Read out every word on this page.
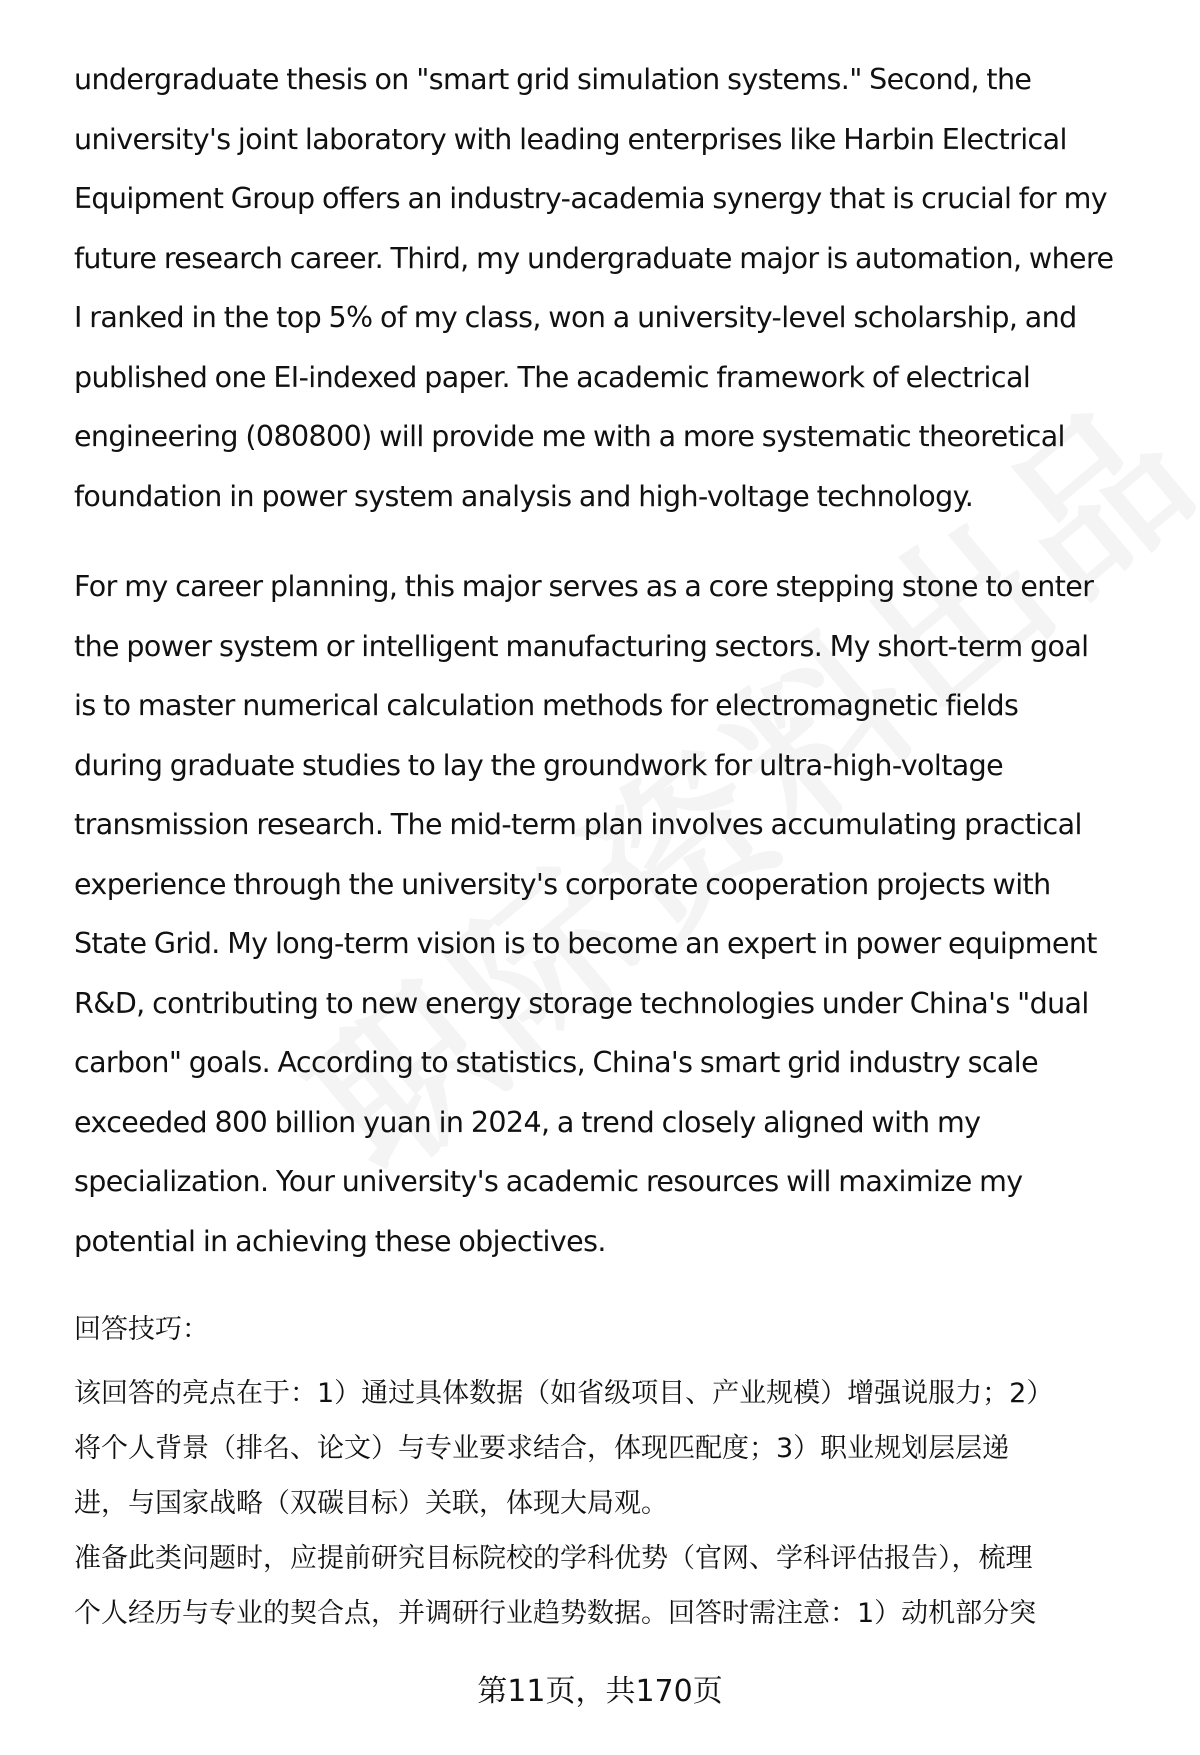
undergraduate thesis on "smart grid simulation systems." Second, the
university's joint laboratory with leading enterprises like Harbin Electrical
Equipment Group offers an industry-academia synergy that is crucial for my
future research career. Third, my undergraduate major is automation, where
I ranked in the top 5% of my class, won a university-level scholarship, and
published one EI-indexed paper. The academic framework of electrical
engineering (080800) will provide me with a more systematic theoretical
foundation in power system analysis and high-voltage technology.
For my career planning, this major serves as a core stepping stone to enter
the power system or intelligent manufacturing sectors. My short-term goal
is to master numerical calculation methods for electromagnetic fields
during graduate studies to lay the groundwork for ultra-high-voltage
transmission research. The mid-term plan involves accumulating practical
experience through the university's corporate cooperation projects with
State Grid. My long-term vision is to become an expert in power equipment
R&D, contributing to new energy storage technologies under China's "dual
carbon" goals. According to statistics, China's smart grid industry scale
exceeded 800 billion yuan in 2024, a trend closely aligned with my
specialization. Your university's academic resources will maximize my
potential in achieving these objectives.
回答技巧：
该回答的亮点在于：1）通过具体数据（如省级项目、产业规模）增强说服力；2）
将个人背景（排名、论文）与专业要求结合，体现匹配度；3）职业规划层层递
进，与国家战略（双碳目标）关联，体现大局观。
准备此类问题时，应提前研究目标院校的学科优势（官网、学科评估报告），梳理
个人经历与专业的契合点，并调研行业趋势数据。回答时需注意：1）动机部分突
第11页，共170页
